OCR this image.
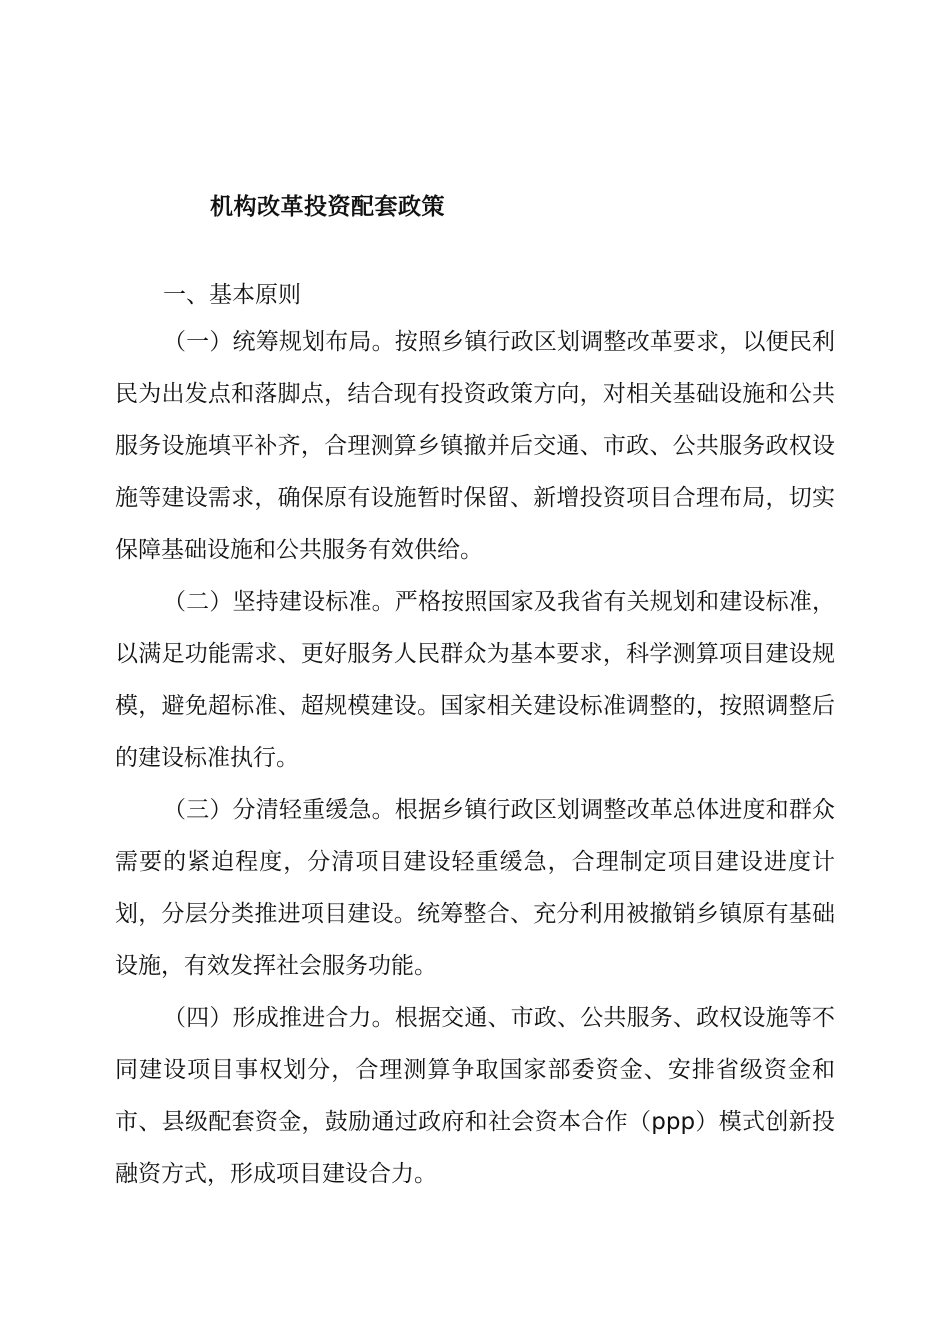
机构改革投资配套政策
一、基本原则

（一）统筹规划布局。按照乡镇行政区划调整改革要求，以便民利民为出发点和落脚点，结合现有投资政策方向，对相关基础设施和公共服务设施填平补齐，合理测算乡镇撤并后交通、市政、公共服务政权设施等建设需求，确保原有设施暂时保留、新增投资项目合理布局，切实保障基础设施和公共服务有效供给。

（二）坚持建设标准。严格按照国家及我省有关规划和建设标准，以满足功能需求、更好服务人民群众为基本要求，科学测算项目建设规模，避免超标准、超规模建设。国家相关建设标准调整的，按照调整后的建设标准执行。

（三）分清轻重缓急。根据乡镇行政区划调整改革总体进度和群众需要的紧迫程度，分清项目建设轻重缓急，合理制定项目建设进度计划，分层分类推进项目建设。统筹整合、充分利用被撤销乡镇原有基础设施，有效发挥社会服务功能。

（四）形成推进合力。根据交通、市政、公共服务、政权设施等不同建设项目事权划分，合理测算争取国家部委资金、安排省级资金和市、县级配套资金，鼓励通过政府和社会资本合作（ppp）模式创新投融资方式，形成项目建设合力。
